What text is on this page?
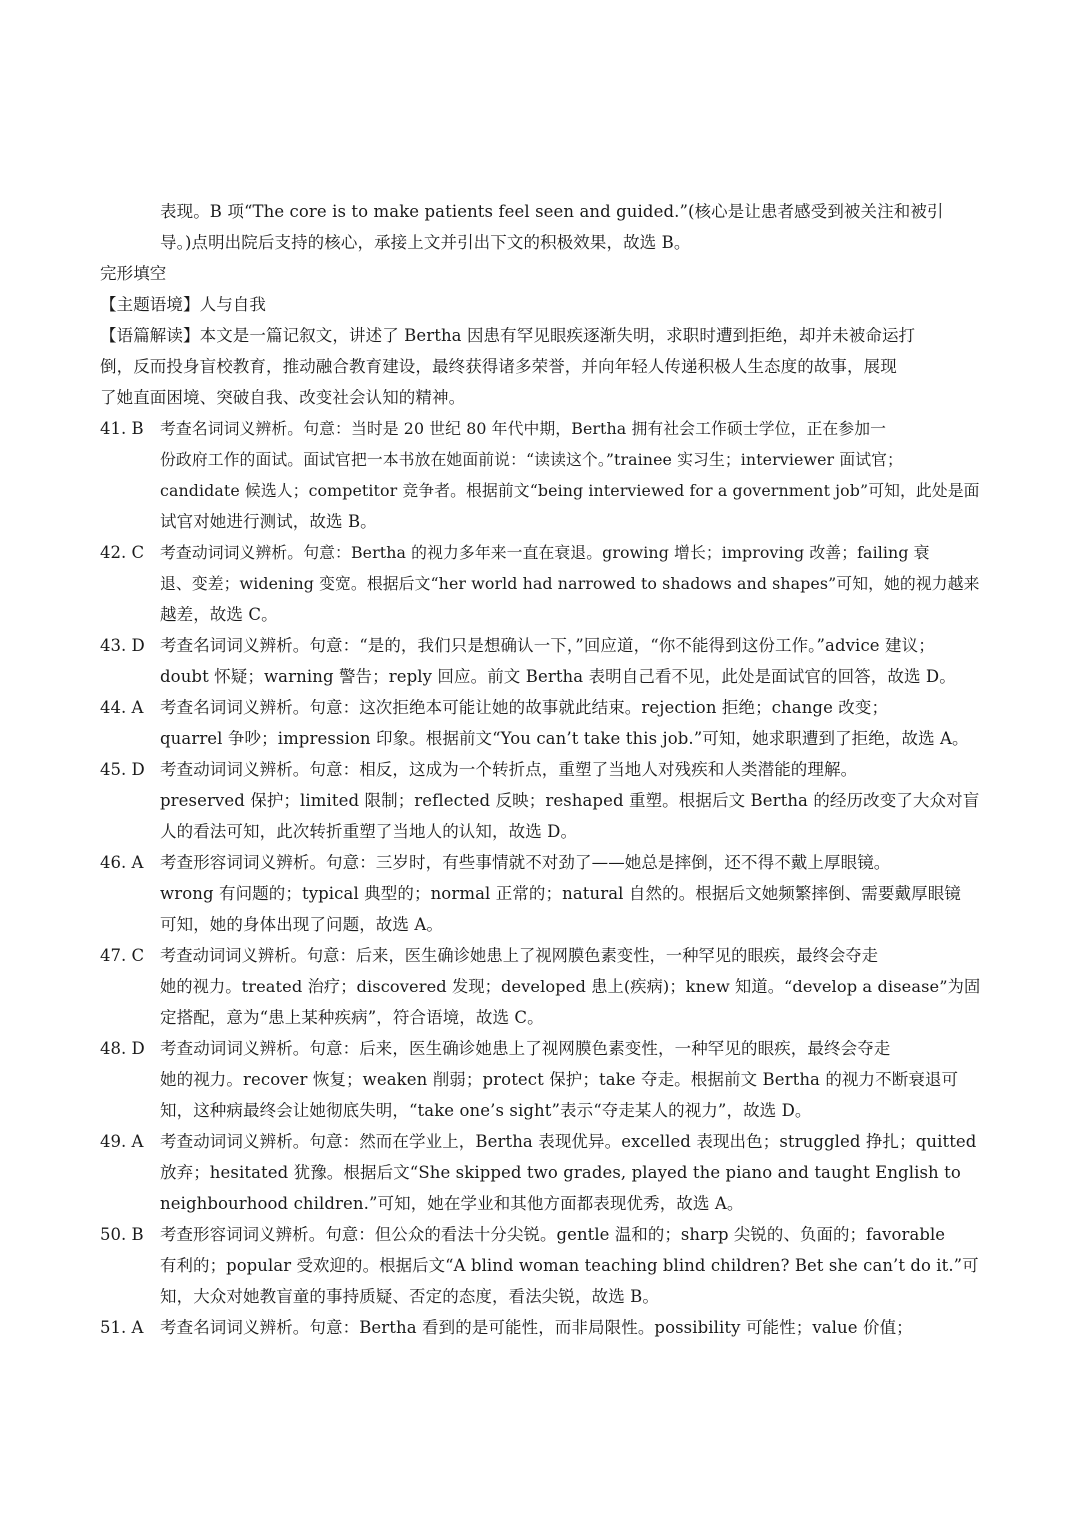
表现。B 项“The core is to make patients feel seen and guided.”(核心是让患者感受到被关注和被引
导。)点明出院后支持的核心，承接上文并引出下文的积极效果，故选 B。
完形填空
【主题语境】人与自我
【语篇解读】本文是一篇记叙文，讲述了 Bertha 因患有罕见眼疾逐渐失明，求职时遭到拒绝，却并未被命运打
倒，反而投身盲校教育，推动融合教育建设，最终获得诸多荣誉，并向年轻人传递积极人生态度的故事，展现
了她直面困境、突破自我、改变社会认知的精神。
41. B	考查名词词义辨析。句意：当时是 20 世纪 80 年代中期，Bertha 拥有社会工作硕士学位，正在参加一
份政府工作的面试。面试官把一本书放在她面前说：“读读这个。”trainee 实习生；interviewer 面试官；
candidate 候选人；competitor 竞争者。根据前文“being interviewed for a government job”可知，此处是面
试官对她进行测试，故选 B。
42. C	考查动词词义辨析。句意：Bertha 的视力多年来一直在衰退。growing 增长；improving 改善；failing 衰
退、变差；widening 变宽。根据后文“her world had narrowed to shadows and shapes”可知，她的视力越来
越差，故选 C。
43. D 考查名词词义辨析。句意：“是的，我们只是想确认一下，”回应道，“你不能得到这份工作。”advice 建议；
doubt 怀疑；warning 警告；reply 回应。前文 Bertha 表明自己看不见，此处是面试官的回答，故选 D。
44. A	考查名词词义辨析。句意：这次拒绝本可能让她的故事就此结束。rejection 拒绝；change 改变；
quarrel 争吵；impression 印象。根据前文“You can’t take this job.”可知，她求职遭到了拒绝，故选 A。
45. D 考查动词词义辨析。句意：相反，这成为一个转折点，重塑了当地人对残疾和人类潜能的理解。
preserved 保护；limited 限制；reflected 反映；reshaped 重塑。根据后文 Bertha 的经历改变了大众对盲
人的看法可知，此次转折重塑了当地人的认知，故选 D。
46. A	考查形容词词义辨析。句意：三岁时，有些事情就不对劲了——她总是摔倒，还不得不戴上厚眼镜。
wrong 有问题的；typical 典型的；normal 正常的；natural 自然的。根据后文她频繁摔倒、需要戴厚眼镜
可知，她的身体出现了问题，故选 A。
47. C 考查动词词义辨析。句意：后来，医生确诊她患上了视网膜色素变性，一种罕见的眼疾，最终会夺走
她的视力。treated 治疗；discovered 发现；developed 患上(疾病)；knew 知道。“develop a disease”为固
定搭配，意为“患上某种疾病”，符合语境，故选 C。
48. D 考查动词词义辨析。句意：后来，医生确诊她患上了视网膜色素变性，一种罕见的眼疾，最终会夺走
她的视力。recover 恢复；weaken 削弱；protect 保护；take 夺走。根据前文 Bertha 的视力不断衰退可
知，这种病最终会让她彻底失明，“take one’s sight”表示“夺走某人的视力”，故选 D。
49. A	考查动词词义辨析。句意：然而在学业上，Bertha 表现优异。excelled 表现出色；struggled 挣扎；quitted
放弃；hesitated 犹豫。根据后文“She skipped two grades, played the piano and taught English to
neighbourhood children.”可知，她在学业和其他方面都表现优秀，故选 A。
50. B 考查形容词词义辨析。句意：但公众的看法十分尖锐。gentle 温和的；sharp 尖锐的、负面的；favorable
有利的；popular 受欢迎的。根据后文“A blind woman teaching blind children? Bet she can’t do it.”可
知，大众对她教盲童的事持质疑、否定的态度，看法尖锐，故选 B。
51. A	考查名词词义辨析。句意：Bertha 看到的是可能性，而非局限性。possibility 可能性；value 价值；
